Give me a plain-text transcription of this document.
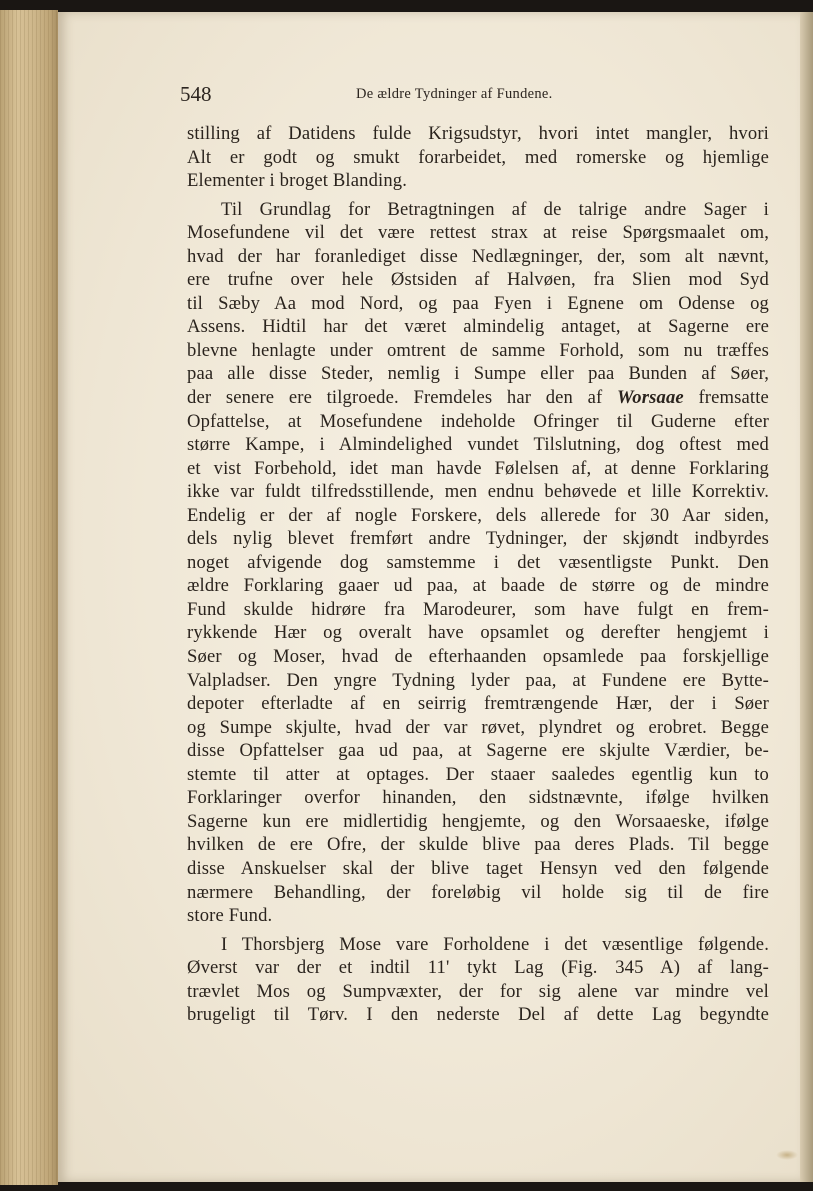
548	De ældre Tydninger af Fundene.
stilling af Datidens fulde Krigsudstyr, hvori intet mangler, hvori
Alt er godt og smukt forarbeidet, med romerske og hjemlige
Elementer i broget Blanding.
Til Grundlag for Betragtningen af de talrige andre Sager i
Mosefundene vil det være rettest strax at reise Spørgsmaalet om,
hvad der har foranlediget disse Nedlægninger, der, som alt nævnt,
ere trufne over hele Østsiden af Halvøen, fra Slien mod Syd
til Sæby Aa mod Nord, og paa Fyen i Egnene om Odense og
Assens. Hidtil har det været almindelig antaget, at Sagerne ere
blevne henlagte under omtrent de samme Forhold, som nu træffes
paa alle disse Steder, nemlig i Sumpe eller paa Bunden af Søer,
der senere ere tilgroede. Fremdeles har den af Worsaae fremsatte
Opfattelse, at Mosefundene indeholde Ofringer til Guderne efter
større Kampe, i Almindelighed vundet Tilslutning, dog oftest med
et vist Forbehold, idet man havde Følelsen af, at denne Forklaring
ikke var fuldt tilfredsstillende, men endnu behøvede et lille Korrektiv.
Endelig er der af nogle Forskere, dels allerede for 30 Aar siden,
dels nylig blevet fremført andre Tydninger, der skjøndt indbyrdes
noget afvigende dog samstemme i det væsentligste Punkt. Den
ældre Forklaring gaaer ud paa, at baade de større og de mindre
Fund skulde hidrøre fra Marodeurer, som have fulgt en frem-
rykkende Hær og overalt have opsamlet og derefter hengjemt i
Søer og Moser, hvad de efterhaanden opsamlede paa forskjellige
Valpladser. Den yngre Tydning lyder paa, at Fundene ere Bytte-
depoter efterladte af en seirrig fremtrængende Hær, der i Søer
og Sumpe skjulte, hvad der var røvet, plyndret og erobret. Begge
disse Opfattelser gaa ud paa, at Sagerne ere skjulte Værdier, be-
stemte til atter at optages. Der staaer saaledes egentlig kun to
Forklaringer overfor hinanden, den sidstnævnte, ifølge hvilken
Sagerne kun ere midlertidig hengjemte, og den Worsaaeske, ifølge
hvilken de ere Ofre, der skulde blive paa deres Plads. Til begge
disse Anskuelser skal der blive taget Hensyn ved den følgende
nærmere Behandling, der foreløbig vil holde sig til de fire
store Fund.
I Thorsbjerg Mose vare Forholdene i det væsentlige følgende.
Øverst var der et indtil 11' tykt Lag (Fig. 345 A) af lang-
trævlet Mos og Sumpvæxter, der for sig alene var mindre vel
brugeligt til Tørv. I den nederste Del af dette Lag begyndte
